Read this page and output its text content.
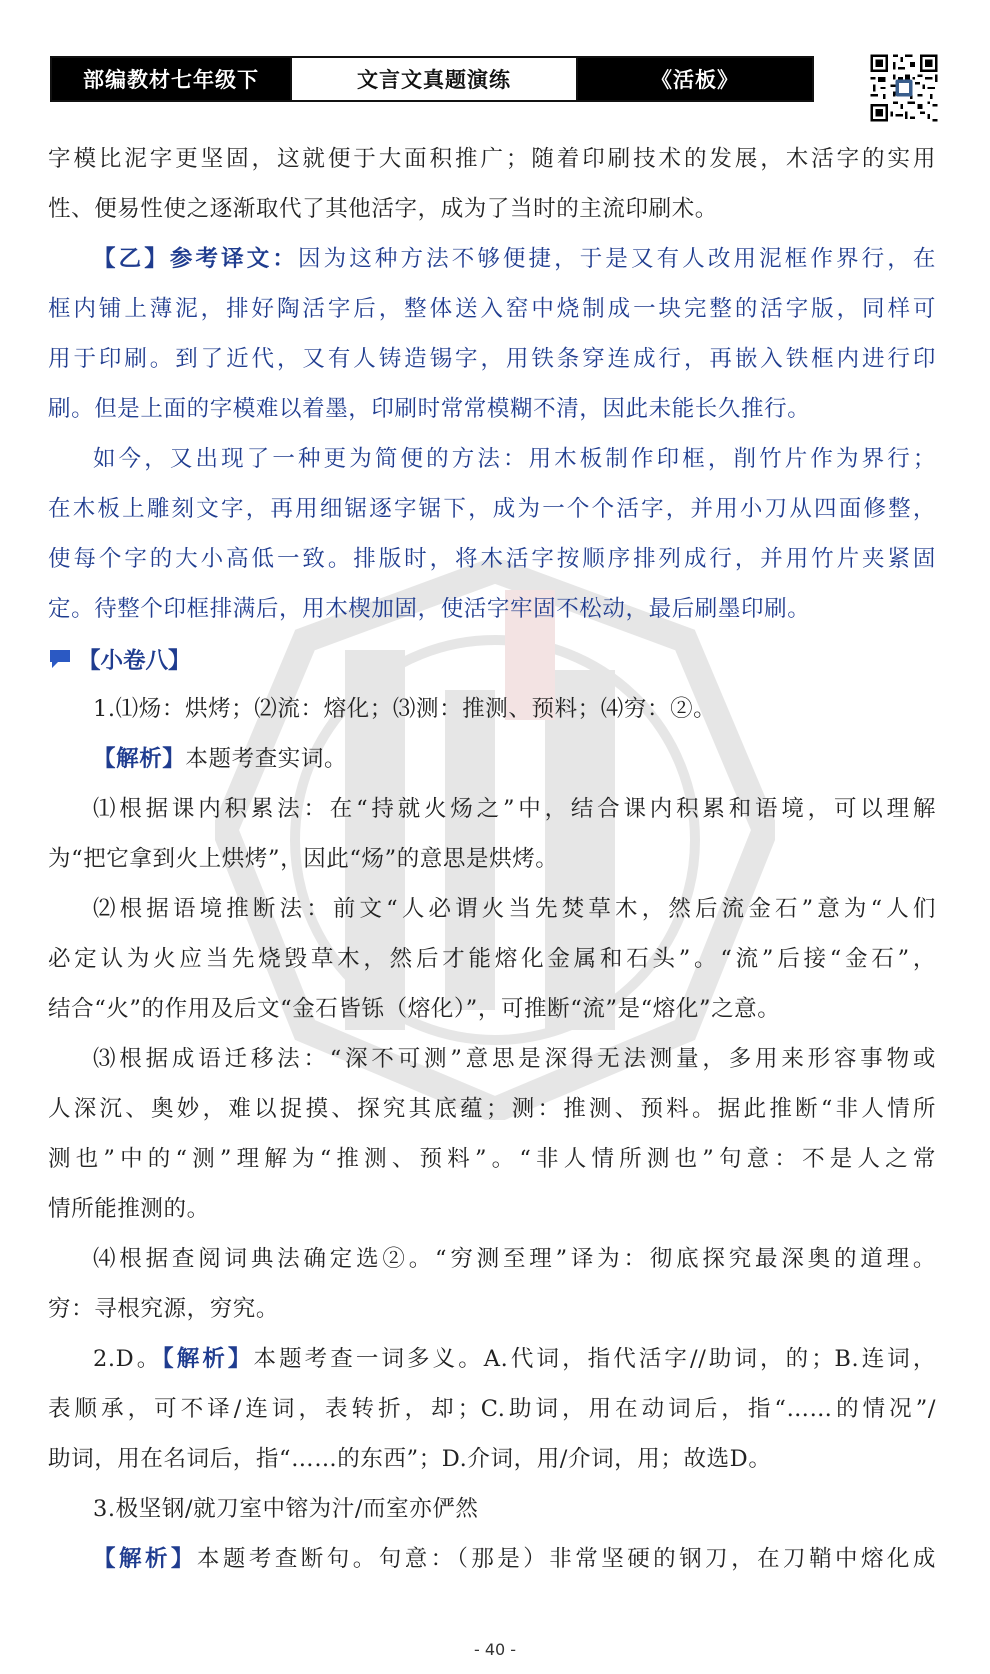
部编教材七年级下	文言文真题演练	《活板》

字模比泥字更坚固，这就便于大面积推广；随着印刷技术的发展，木活字的实用

性、便易性使之逐渐取代了其他活字，成为了当时的主流印刷术。

【乙】参考译文：因为这种方法不够便捷，于是又有人改用泥框作界行，在

框内铺上薄泥，排好陶活字后，整体送入窑中烧制成一块完整的活字版，同样可

用于印刷。到了近代，又有人铸造锡字，用铁条穿连成行，再嵌入铁框内进行印

刷。但是上面的字模难以着墨，印刷时常常模糊不清，因此未能长久推行。

如今，又出现了一种更为简便的方法：用木板制作印框，削竹片作为界行；

在木板上雕刻文字，再用细锯逐字锯下，成为一个个活字，并用小刀从四面修整，

使每个字的大小高低一致。排版时，将木活字按顺序排列成行，并用竹片夹紧固

定。待整个印框排满后，用木楔加固，使活字牢固不松动，最后刷墨印刷。

【小卷八】

1.⑴炀：烘烤；⑵流：熔化；⑶测：推测、预料；⑷穷：②。

【解析】本题考查实词。

⑴根据课内积累法：在“持就火炀之”中，结合课内积累和语境，可以理解

为“把它拿到火上烘烤”，因此“炀”的意思是烘烤。

⑵根据语境推断法：前文“人必谓火当先焚草木，然后流金石”意为“人们

必定认为火应当先烧毁草木，然后才能熔化金属和石头”。“流”后接“金石”，

结合“火”的作用及后文“金石皆铄（熔化）”，可推断“流”是“熔化”之意。

⑶根据成语迁移法：“深不可测”意思是深得无法测量，多用来形容事物或

人深沉、奥妙，难以捉摸、探究其底蕴；测：推测、预料。据此推断“非人情所

测也”中的“测”理解为“推测、预料”。“非人情所测也”句意：不是人之常

情所能推测的。

⑷根据查阅词典法确定选②。“穷测至理”译为：彻底探究最深奥的道理。

穷：寻根究源，穷究。

2.D。【解析】本题考查一词多义。A.代词，指代活字//助词，的；B.连词，

表顺承，可不译/连词，表转折，却；C.助词，用在动词后，指“……的情况”/

助词，用在名词后，指“……的东西”；D.介词，用/介词，用；故选D。

3.极坚钢/就刀室中镕为汁/而室亦俨然

【解析】本题考查断句。句意：（那是）非常坚硬的钢刀，在刀鞘中熔化成

- 40 -
